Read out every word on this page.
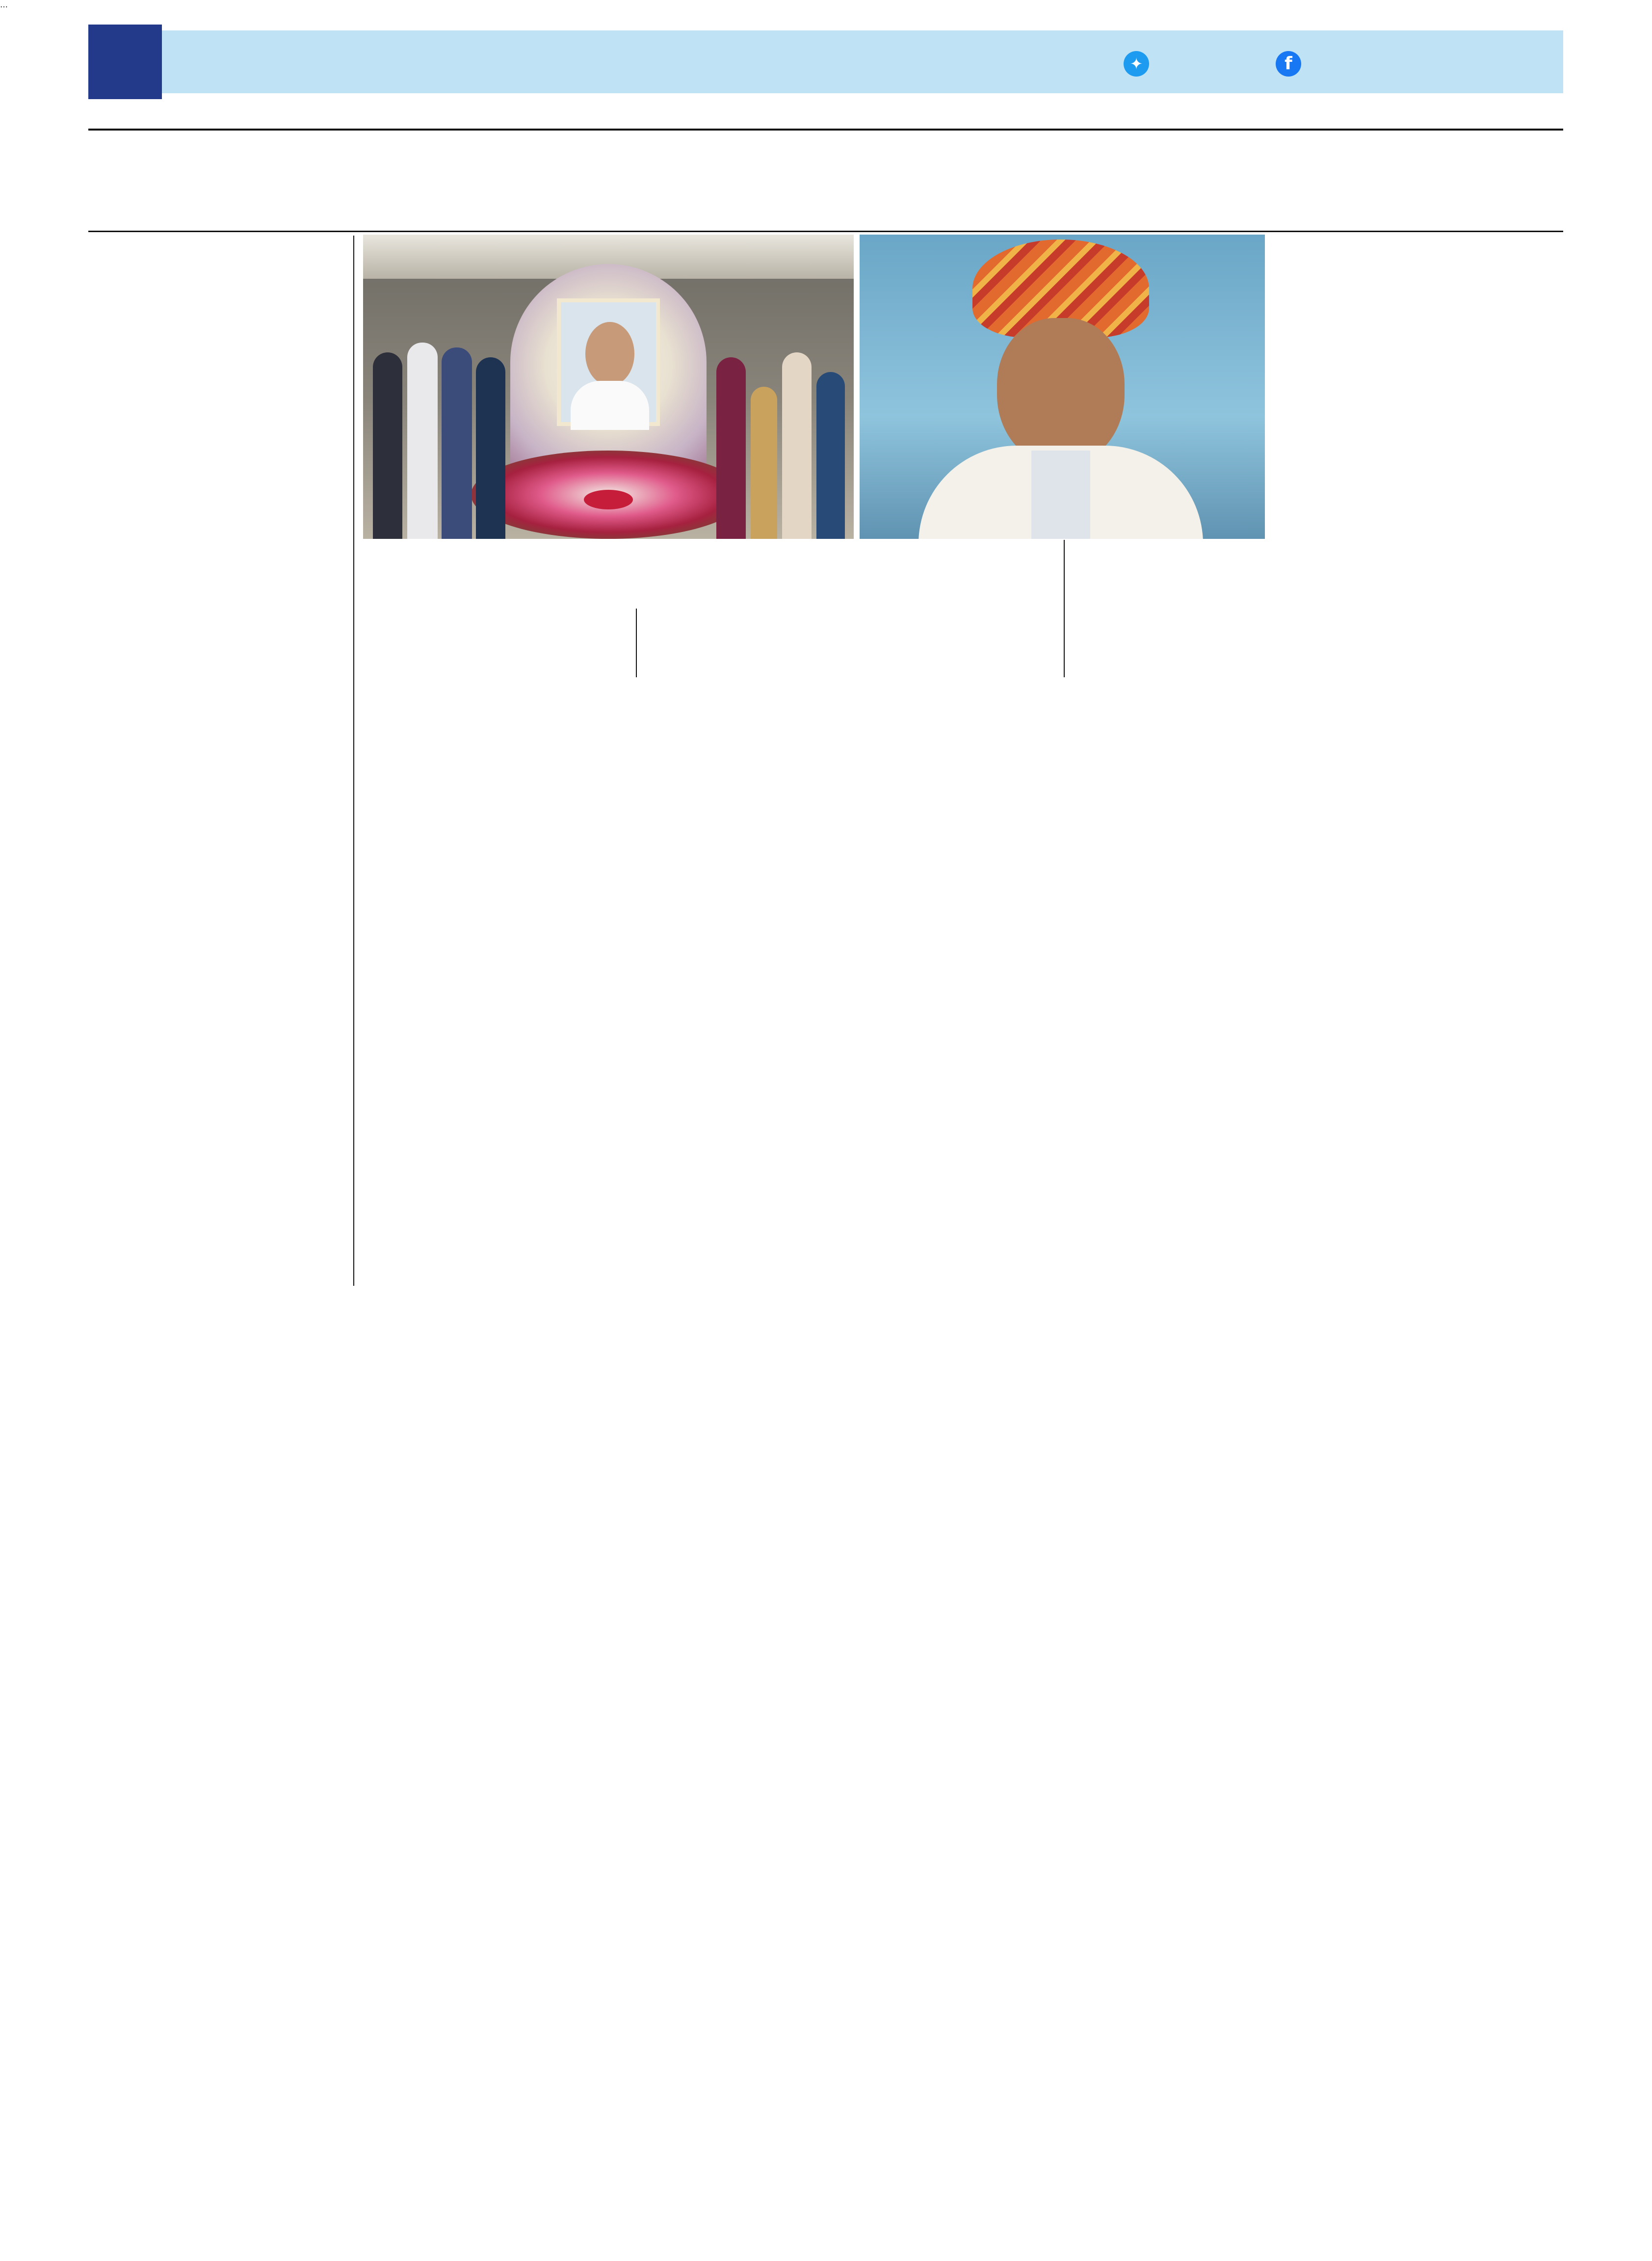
✦	f

…
